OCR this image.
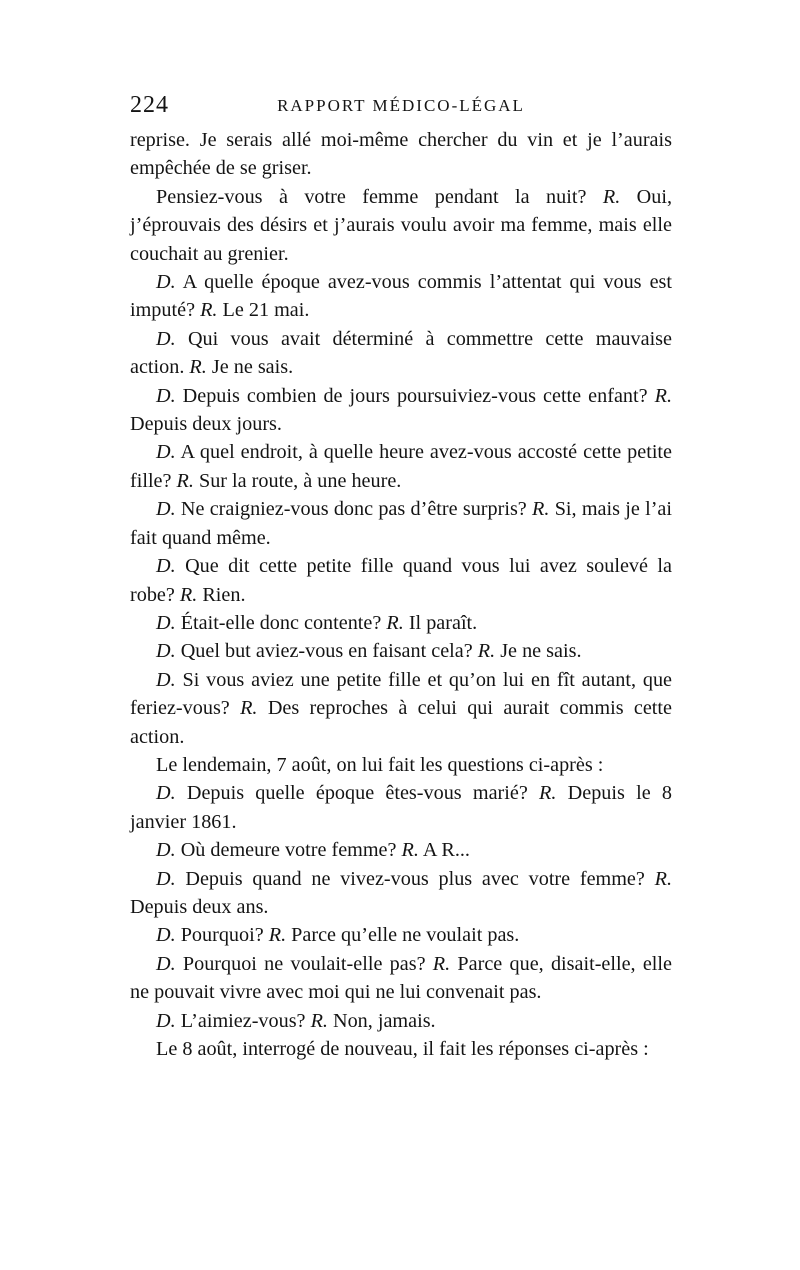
224	RAPPORT MÉDICO-LÉGAL

reprise. Je serais allé moi-même chercher du vin et je l’aurais empêchée de se griser.

Pensiez-vous à votre femme pendant la nuit? R. Oui, j’éprouvais des désirs et j’aurais voulu avoir ma femme, mais elle couchait au grenier.

D. A quelle époque avez-vous commis l’attentat qui vous est imputé? R. Le 21 mai.

D. Qui vous avait déterminé à commettre cette mauvaise action. R. Je ne sais.

D. Depuis combien de jours poursuiviez-vous cette enfant? R. Depuis deux jours.

D. A quel endroit, à quelle heure avez-vous accosté cette petite fille? R. Sur la route, à une heure.

D. Ne craigniez-vous donc pas d’être surpris? R. Si, mais je l’ai fait quand même.

D. Que dit cette petite fille quand vous lui avez soulevé la robe? R. Rien.

D. Était-elle donc contente? R. Il paraît.

D. Quel but aviez-vous en faisant cela? R. Je ne sais.

D. Si vous aviez une petite fille et qu’on lui en fît autant, que feriez-vous? R. Des reproches à celui qui aurait commis cette action.

Le lendemain, 7 août, on lui fait les questions ci-après :

D. Depuis quelle époque êtes-vous marié? R. Depuis le 8 janvier 1861.

D. Où demeure votre femme? R. A R...

D. Depuis quand ne vivez-vous plus avec votre femme? R. Depuis deux ans.

D. Pourquoi? R. Parce qu’elle ne voulait pas.

D. Pourquoi ne voulait-elle pas? R. Parce que, disait-elle, elle ne pouvait vivre avec moi qui ne lui convenait pas.

D. L’aimiez-vous? R. Non, jamais.

Le 8 août, interrogé de nouveau, il fait les réponses ci-après :
